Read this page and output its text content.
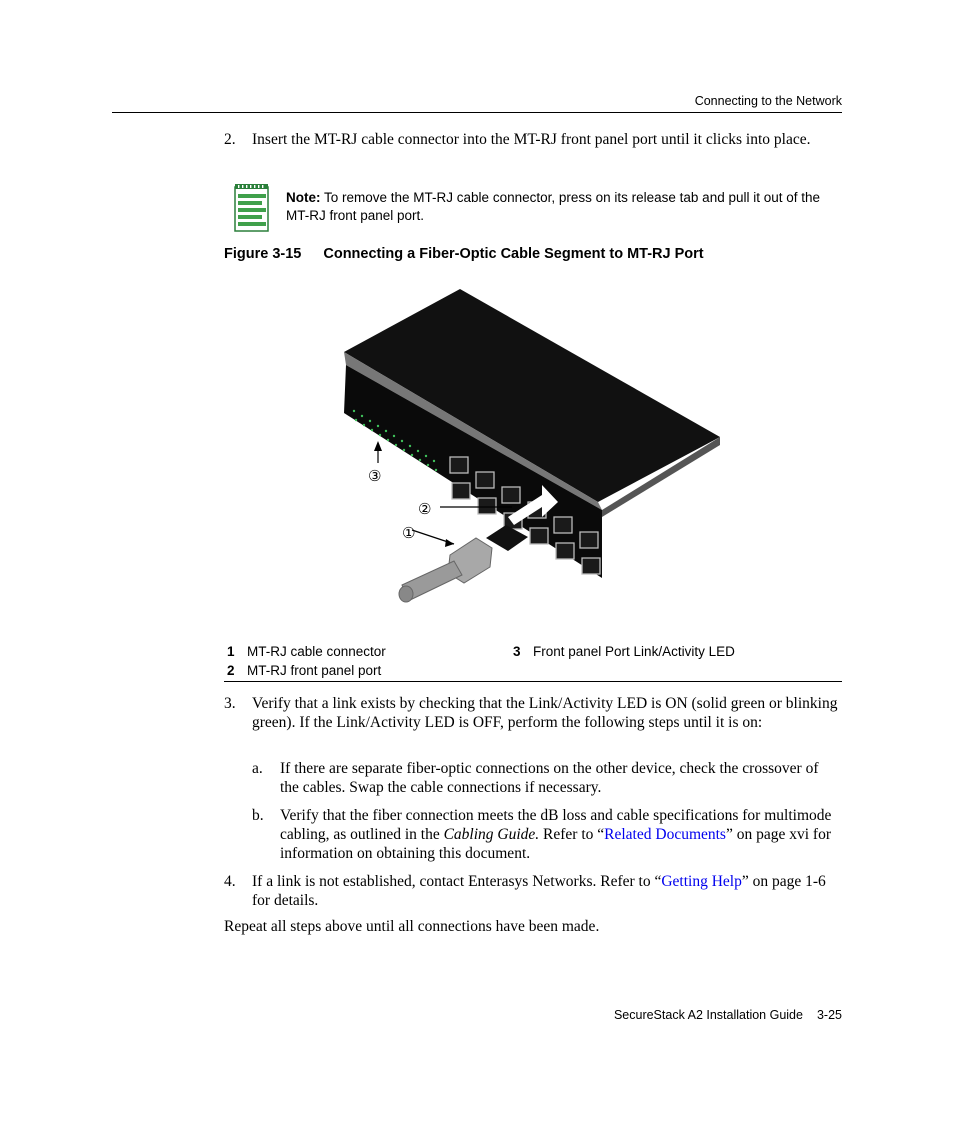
Connecting to the Network
2. Insert the MT-RJ cable connector into the MT-RJ front panel port until it clicks into place.
Note: To remove the MT-RJ cable connector, press on its release tab and pull it out of the MT-RJ front panel port.
Figure 3-15 Connecting a Fiber-Optic Cable Segment to MT-RJ Port
①
②
③
1 MT-RJ cable connector
2 MT-RJ front panel port
3 Front panel Port Link/Activity LED
3. Verify that a link exists by checking that the Link/Activity LED is ON (solid green or blinking green). If the Link/Activity LED is OFF, perform the following steps until it is on:
a. If there are separate fiber-optic connections on the other device, check the crossover of the cables. Swap the cable connections if necessary.
b. Verify that the fiber connection meets the dB loss and cable specifications for multimode cabling, as outlined in the Cabling Guide. Refer to “Related Documents” on page xvi for information on obtaining this document.
4. If a link is not established, contact Enterasys Networks. Refer to “Getting Help” on page 1-6 for details.
Repeat all steps above until all connections have been made.
SecureStack A2 Installation Guide 3-25
